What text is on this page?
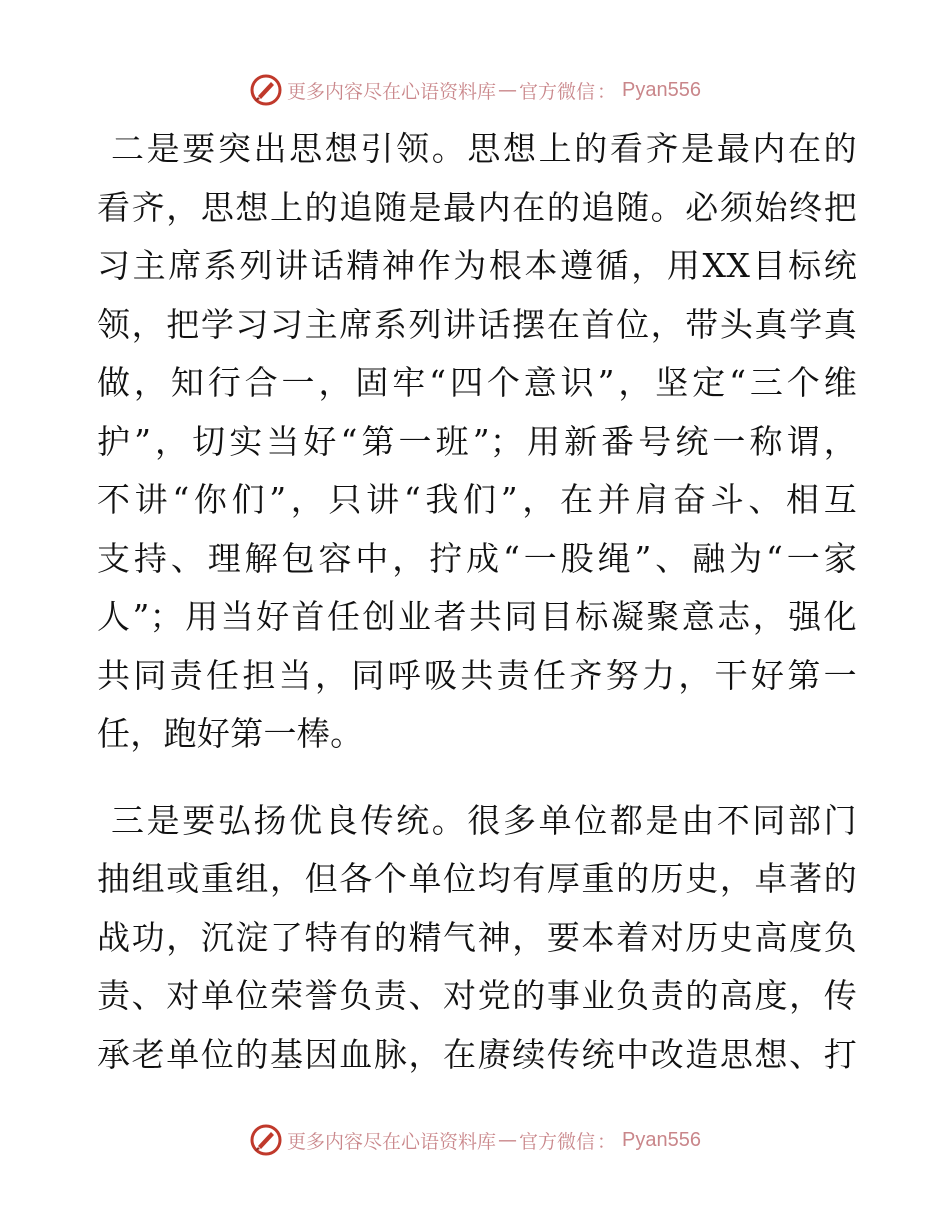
更多内容尽在心语资料库 — 官方微信 ： Pyan556

二是要突出思想引领。思想上的看齐是最内在的
看齐，思想上的追随是最内在的追随。必须始终把
习主席系列讲话精神作为根本遵循，用XX目标统
领，把学习习主席系列讲话摆在首位，带头真学真
做，知行合一，固牢“四个意识”，坚定“三个维
护”，切实当好“第一班”；用新番号统一称谓，
不讲“你们”，只讲“我们”，在并肩奋斗、相互
支持、理解包容中，拧成“一股绳”、融为“一家
人”；用当好首任创业者共同目标凝聚意志，强化
共同责任担当，同呼吸共责任齐努力，干好第一
任，跑好第一棒。

三是要弘扬优良传统。很多单位都是由不同部门
抽组或重组，但各个单位均有厚重的历史，卓著的
战功，沉淀了特有的精气神，要本着对历史高度负
责、对单位荣誉负责、对党的事业负责的高度，传
承老单位的基因血脉，在赓续传统中改造思想、打

更多内容尽在心语资料库 — 官方微信 ： Pyan556
